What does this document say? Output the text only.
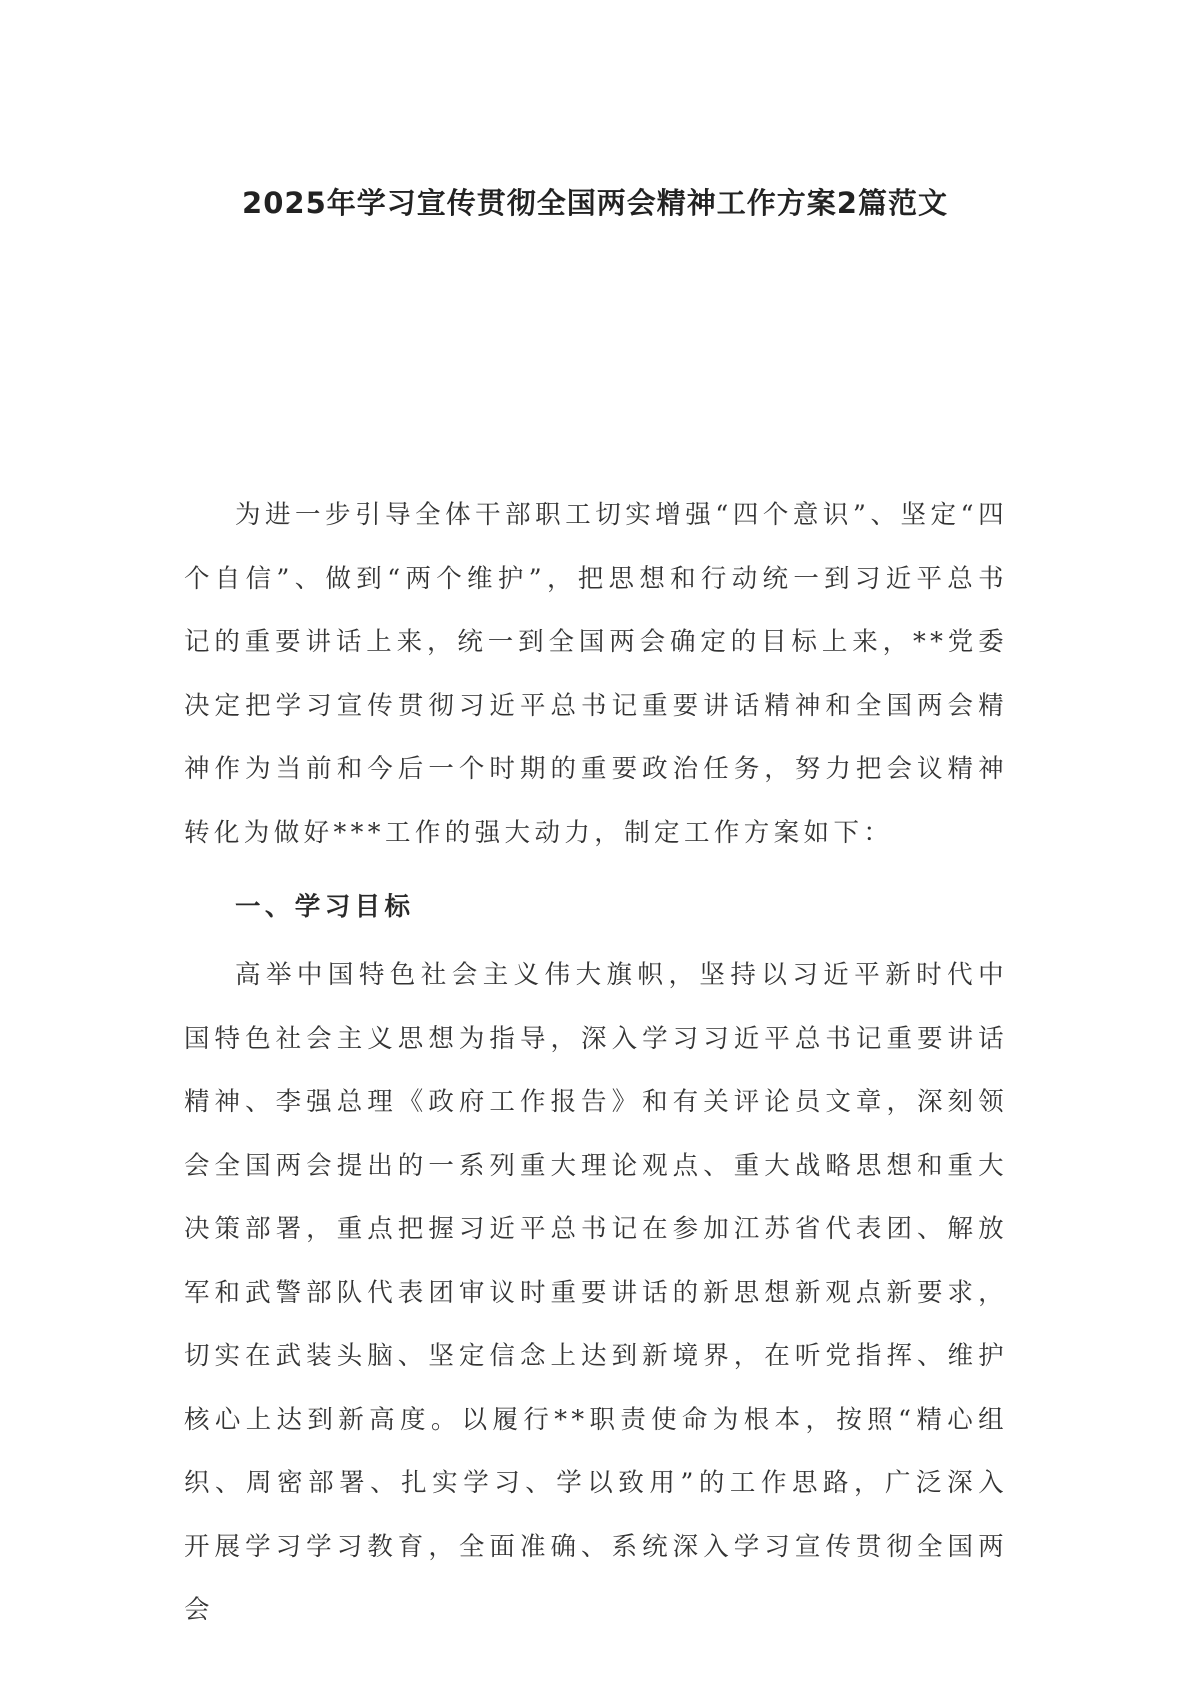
2025年学习宣传贯彻全国两会精神工作方案2篇范文

为进一步引导全体干部职工切实增强“四个意识”、坚定“四个自信”、做到“两个维护”，把思想和行动统一到习近平总书记的重要讲话上来，统一到全国两会确定的目标上来，**党委决定把学习宣传贯彻习近平总书记重要讲话精神和全国两会精神作为当前和今后一个时期的重要政治任务，努力把会议精神转化为做好***工作的强大动力，制定工作方案如下：

一、学习目标

高举中国特色社会主义伟大旗帜，坚持以习近平新时代中国特色社会主义思想为指导，深入学习习近平总书记重要讲话精神、李强总理《政府工作报告》和有关评论员文章，深刻领会全国两会提出的一系列重大理论观点、重大战略思想和重大决策部署，重点把握习近平总书记在参加江苏省代表团、解放军和武警部队代表团审议时重要讲话的新思想新观点新要求，切实在武装头脑、坚定信念上达到新境界，在听党指挥、维护核心上达到新高度。以履行**职责使命为根本，按照“精心组织、周密部署、扎实学习、学以致用”的工作思路，广泛深入开展学习学习教育，全面准确、系统深入学习宣传贯彻全国两会
